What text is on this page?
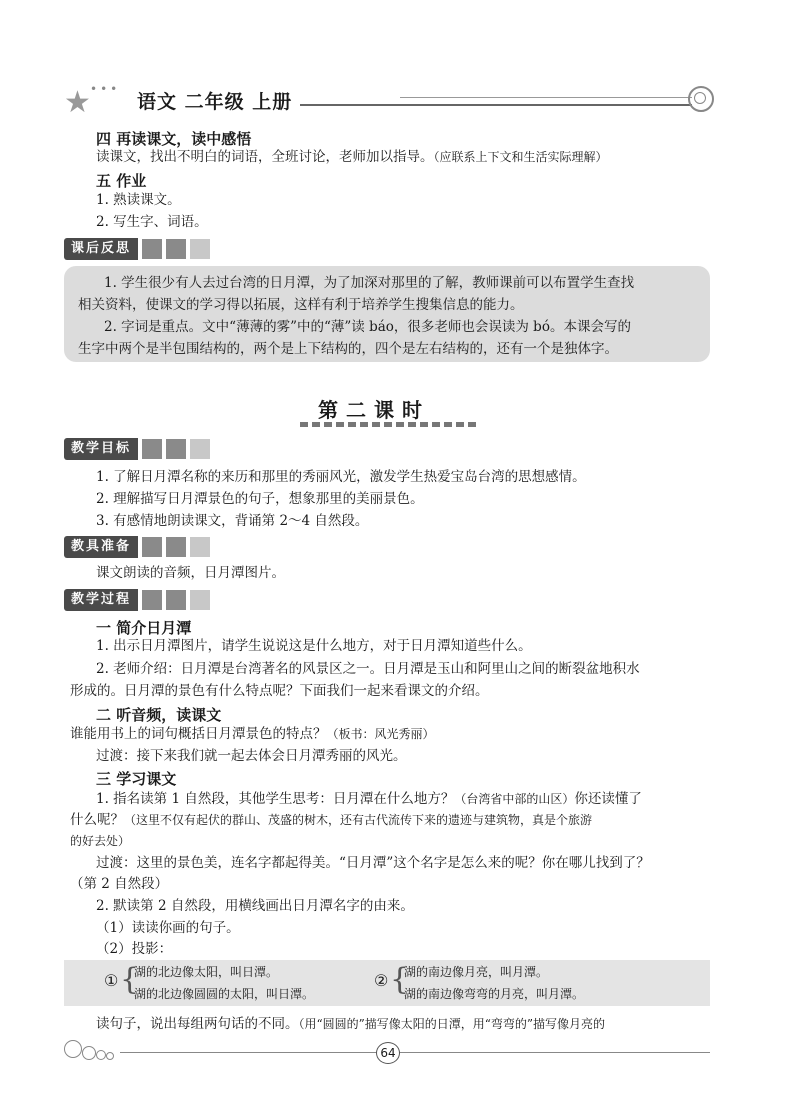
★ •••
语文 二年级 上册
四 再读课文，读中感悟
读课文，找出不明白的词语，全班讨论，老师加以指导。（应联系上下文和生活实际理解）
五 作业
1. 熟读课文。
2. 写生字、词语。
课后反思
1. 学生很少有人去过台湾的日月潭，为了加深对那里的了解，教师课前可以布置学生查找
相关资料，使课文的学习得以拓展，这样有利于培养学生搜集信息的能力。
2. 字词是重点。文中“薄薄的雾”中的“薄”读 báo，很多老师也会误读为 bó。本课会写的
生字中两个是半包围结构的，两个是上下结构的，四个是左右结构的，还有一个是独体字。
第二课时
教学目标
1. 了解日月潭名称的来历和那里的秀丽风光，激发学生热爱宝岛台湾的思想感情。
2. 理解描写日月潭景色的句子，想象那里的美丽景色。
3. 有感情地朗读课文，背诵第 2～4 自然段。
教具准备
课文朗读的音频，日月潭图片。
教学过程
一 简介日月潭
1. 出示日月潭图片，请学生说说这是什么地方，对于日月潭知道些什么。
2. 老师介绍：日月潭是台湾著名的风景区之一。日月潭是玉山和阿里山之间的断裂盆地积水
形成的。日月潭的景色有什么特点呢？下面我们一起来看课文的介绍。
二 听音频，读课文
谁能用书上的词句概括日月潭景色的特点？（板书：风光秀丽）
过渡：接下来我们就一起去体会日月潭秀丽的风光。
三 学习课文
1. 指名读第 1 自然段，其他学生思考：日月潭在什么地方？（台湾省中部的山区）你还读懂了
什么呢？（这里不仅有起伏的群山、茂盛的树木，还有古代流传下来的遗迹与建筑物，真是个旅游
的好去处）
过渡：这里的景色美，连名字都起得美。“日月潭”这个名字是怎么来的呢？你在哪儿找到了？
（第 2 自然段）
2. 默读第 2 自然段，用横线画出日月潭名字的由来。
（1）读读你画的句子。
（2）投影：
① {
湖的北边像太阳，叫日潭。
湖的北边像圆圆的太阳，叫日潭。
② {
湖的南边像月亮，叫月潭。
湖的南边像弯弯的月亮，叫月潭。
读句子，说出每组两句话的不同。（用“圆圆的”描写像太阳的日潭，用“弯弯的”描写像月亮的
64
